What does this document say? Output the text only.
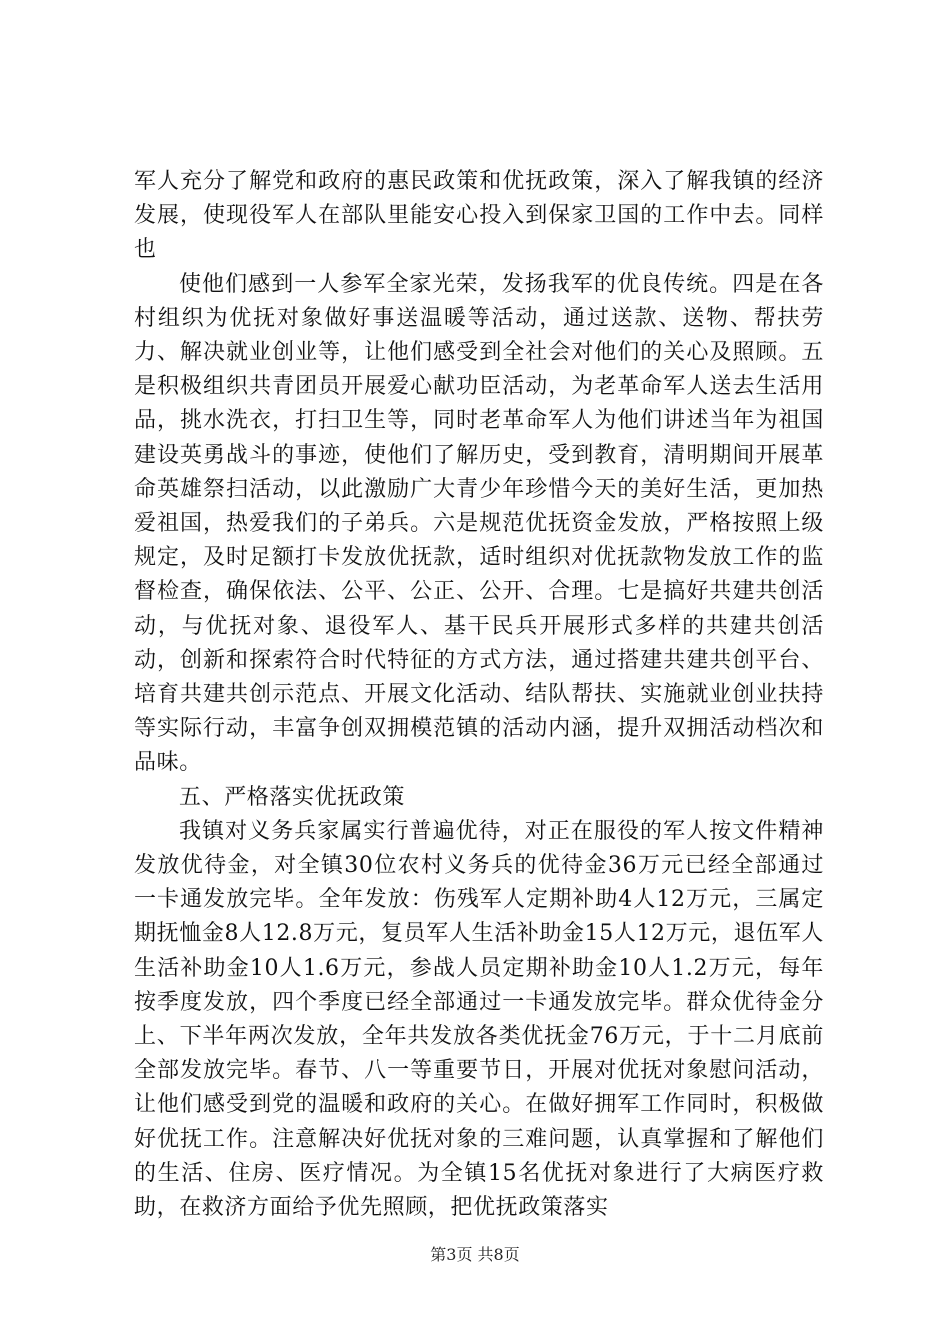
军人充分了解党和政府的惠民政策和优抚政策，深入了解我镇的经济发展，使现役军人在部队里能安心投入到保家卫国的工作中去。同样也

使他们感到一人参军全家光荣，发扬我军的优良传统。四是在各村组织为优抚对象做好事送温暖等活动，通过送款、送物、帮扶劳力、解决就业创业等，让他们感受到全社会对他们的关心及照顾。五是积极组织共青团员开展爱心献功臣活动，为老革命军人送去生活用品，挑水洗衣，打扫卫生等，同时老革命军人为他们讲述当年为祖国建设英勇战斗的事迹，使他们了解历史，受到教育，清明期间开展革命英雄祭扫活动，以此激励广大青少年珍惜今天的美好生活，更加热爱祖国，热爱我们的子弟兵。六是规范优抚资金发放，严格按照上级规定，及时足额打卡发放优抚款，适时组织对优抚款物发放工作的监督检查，确保依法、公平、公正、公开、合理。七是搞好共建共创活动，与优抚对象、退役军人、基干民兵开展形式多样的共建共创活动，创新和探索符合时代特征的方式方法，通过搭建共建共创平台、培育共建共创示范点、开展文化活动、结队帮扶、实施就业创业扶持等实际行动，丰富争创双拥模范镇的活动内涵，提升双拥活动档次和品味。

五、严格落实优抚政策

我镇对义务兵家属实行普遍优待，对正在服役的军人按文件精神发放优待金，对全镇30位农村义务兵的优待金36万元已经全部通过一卡通发放完毕。全年发放：伤残军人定期补助4人12万元，三属定期抚恤金8人12.8万元，复员军人生活补助金15人12万元，退伍军人生活补助金10人1.6万元，参战人员定期补助金10人1.2万元，每年按季度发放，四个季度已经全部通过一卡通发放完毕。群众优待金分上、下半年两次发放，全年共发放各类优抚金76万元，于十二月底前全部发放完毕。春节、八一等重要节日，开展对优抚对象慰问活动，让他们感受到党的温暖和政府的关心。在做好拥军工作同时，积极做好优抚工作。注意解决好优抚对象的三难问题，认真掌握和了解他们的生活、住房、医疗情况。为全镇15名优抚对象进行了大病医疗救助，在救济方面给予优先照顾，把优抚政策落实

第3页 共8页
